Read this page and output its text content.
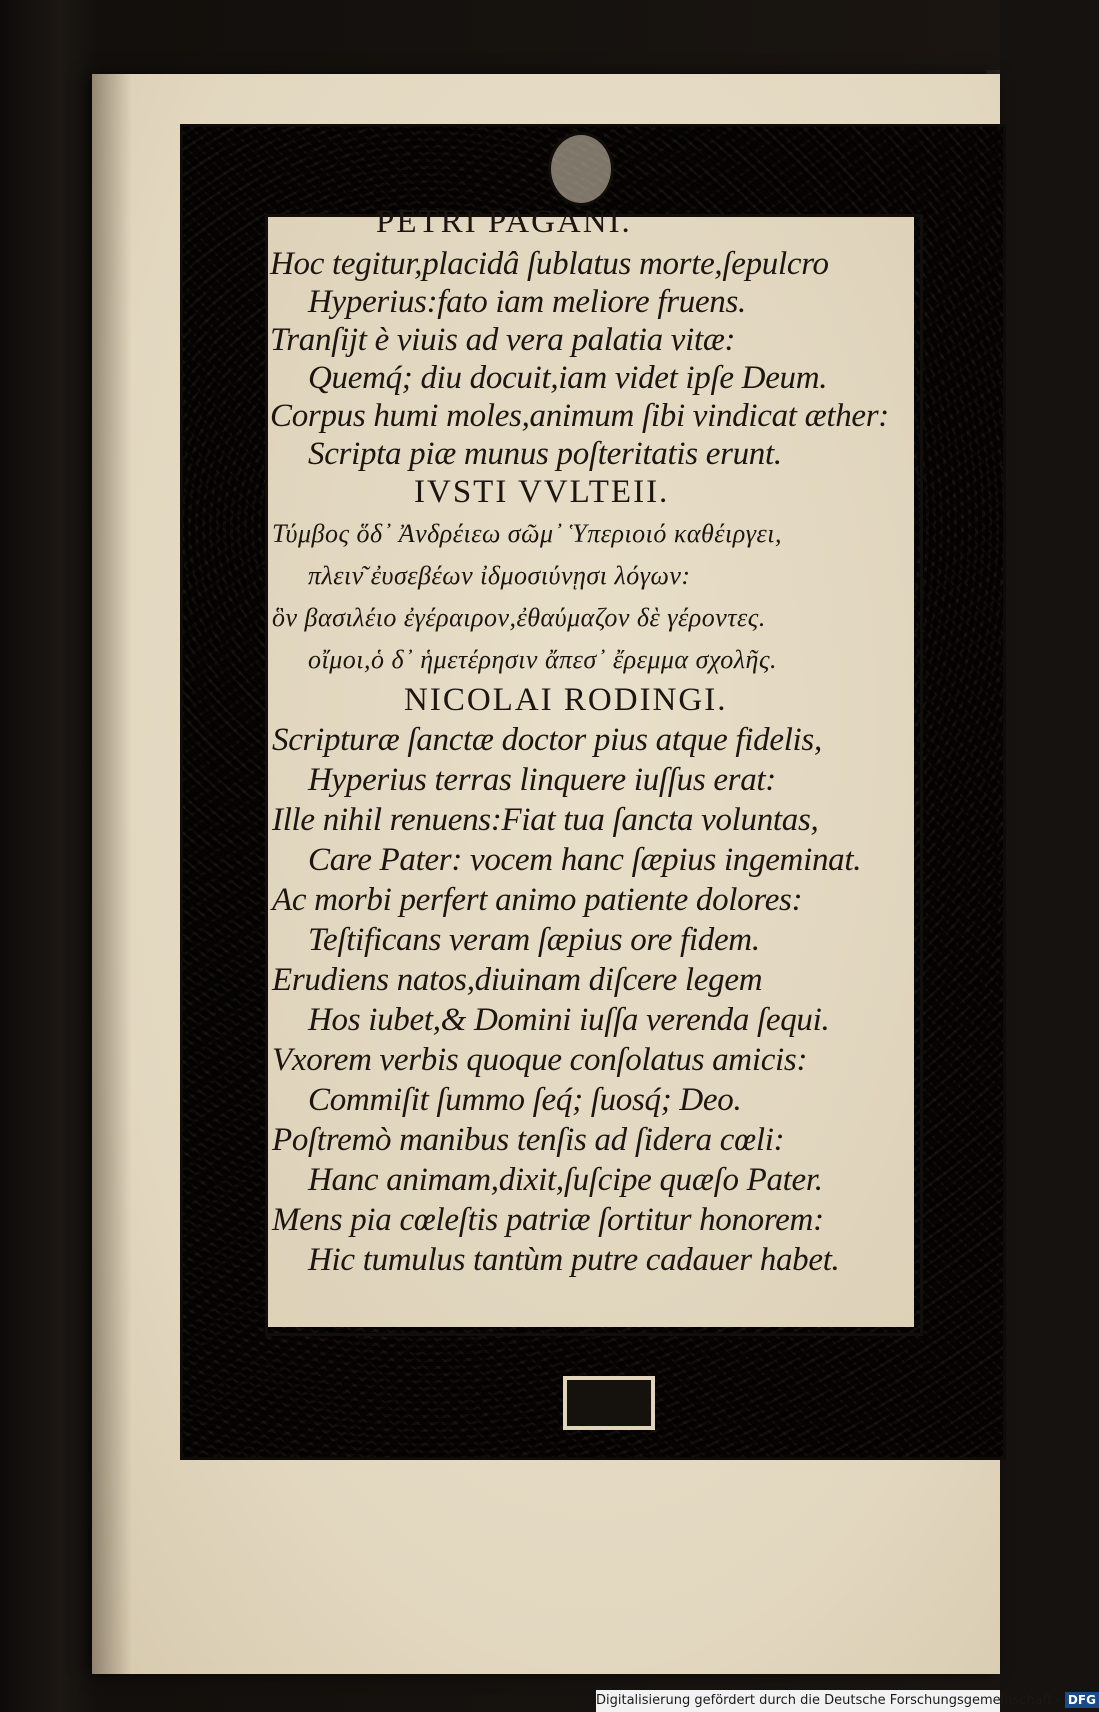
PETRI PAGANI.
Hoc tegitur,placidâ ſublatus morte,ſepulcro
Hyperius:fato iam meliore fruens.
Tranſijt è viuis ad vera palatia vitæ:
Quemq́; diu docuit,iam videt ipſe Deum.
Corpus humi moles,animum ſibi vindicat æther:
Scripta piæ munus poſteritatis erunt.
IVSTI VVLTEII.
Τύμβος ὅδ᾽ Ἀνδρέιεω σῶμ᾽ Ὑπεριοιό καθέιργει,
πλειν͂ ἐυσεβέων ἰδμοσιύνῃσι λόγων:
ὃν βασιλέιο ἐγέραιρον,ἐθαύμαζον δὲ γέροντες.
οἴμοι,ὁ δ᾽ ἡμετέρησιν ἄπεσ᾽ ἔρεμμα σχολῆς.
NICOLAI RODINGI.
Scripturæ ſanctæ doctor pius atque fidelis,
Hyperius terras linquere iuſſus erat:
Ille nihil renuens:Fiat tua ſancta voluntas,
Care Pater: vocem hanc ſæpius ingeminat.
Ac morbi perfert animo patiente dolores:
Teſtificans veram ſæpius ore fidem.
Erudiens natos,diuinam diſcere legem
Hos iubet,& Domini iuſſa verenda ſequi.
Vxorem verbis quoque conſolatus amicis:
Commiſit ſummo ſeq́; ſuosq́; Deo.
Poſtremò manibus tenſis ad ſidera cœli:
Hanc animam,dixit,ſuſcipe quæſo Pater.
Mens pia cœleſtis patriæ ſortitur honorem:
Hic tumulus tantùm putre cadauer habet.
Digitalisierung gefördert durch die Deutsche Forschungsgemeinschaft - DFG
